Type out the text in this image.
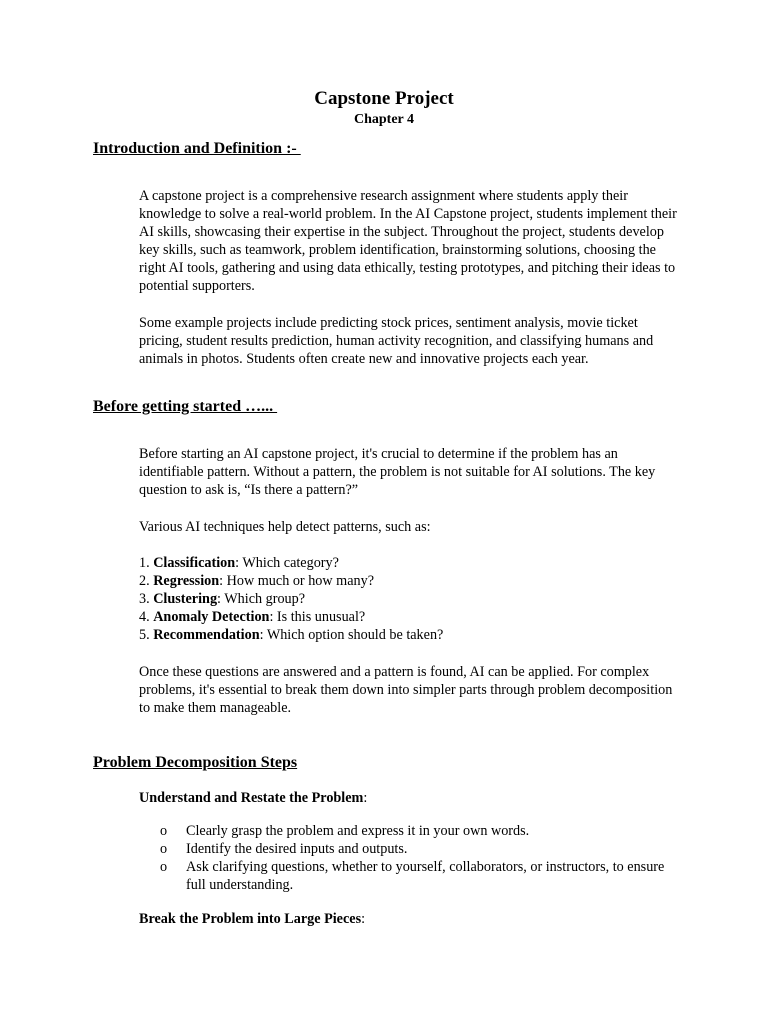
Capstone Project
Chapter 4
Introduction and Definition :-

A capstone project is a comprehensive research assignment where students apply their knowledge to solve a real-world problem. In the AI Capstone project, students implement their AI skills, showcasing their expertise in the subject. Throughout the project, students develop key skills, such as teamwork, problem identification, brainstorming solutions, choosing the right AI tools, gathering and using data ethically, testing prototypes, and pitching their ideas to potential supporters.

Some example projects include predicting stock prices, sentiment analysis, movie ticket pricing, student results prediction, human activity recognition, and classifying humans and animals in photos. Students often create new and innovative projects each year.

Before getting started …...

Before starting an AI capstone project, it's crucial to determine if the problem has an identifiable pattern. Without a pattern, the problem is not suitable for AI solutions. The key question to ask is, “Is there a pattern?”

Various AI techniques help detect patterns, such as:

1. Classification: Which category?
2. Regression: How much or how many?
3. Clustering: Which group?
4. Anomaly Detection: Is this unusual?
5. Recommendation: Which option should be taken?

Once these questions are answered and a pattern is found, AI can be applied. For complex problems, it's essential to break them down into simpler parts through problem decomposition to make them manageable.

Problem Decomposition Steps

Understand and Restate the Problem:

o Clearly grasp the problem and express it in your own words.
o Identify the desired inputs and outputs.
o Ask clarifying questions, whether to yourself, collaborators, or instructors, to ensure full understanding.

Break the Problem into Large Pieces:
